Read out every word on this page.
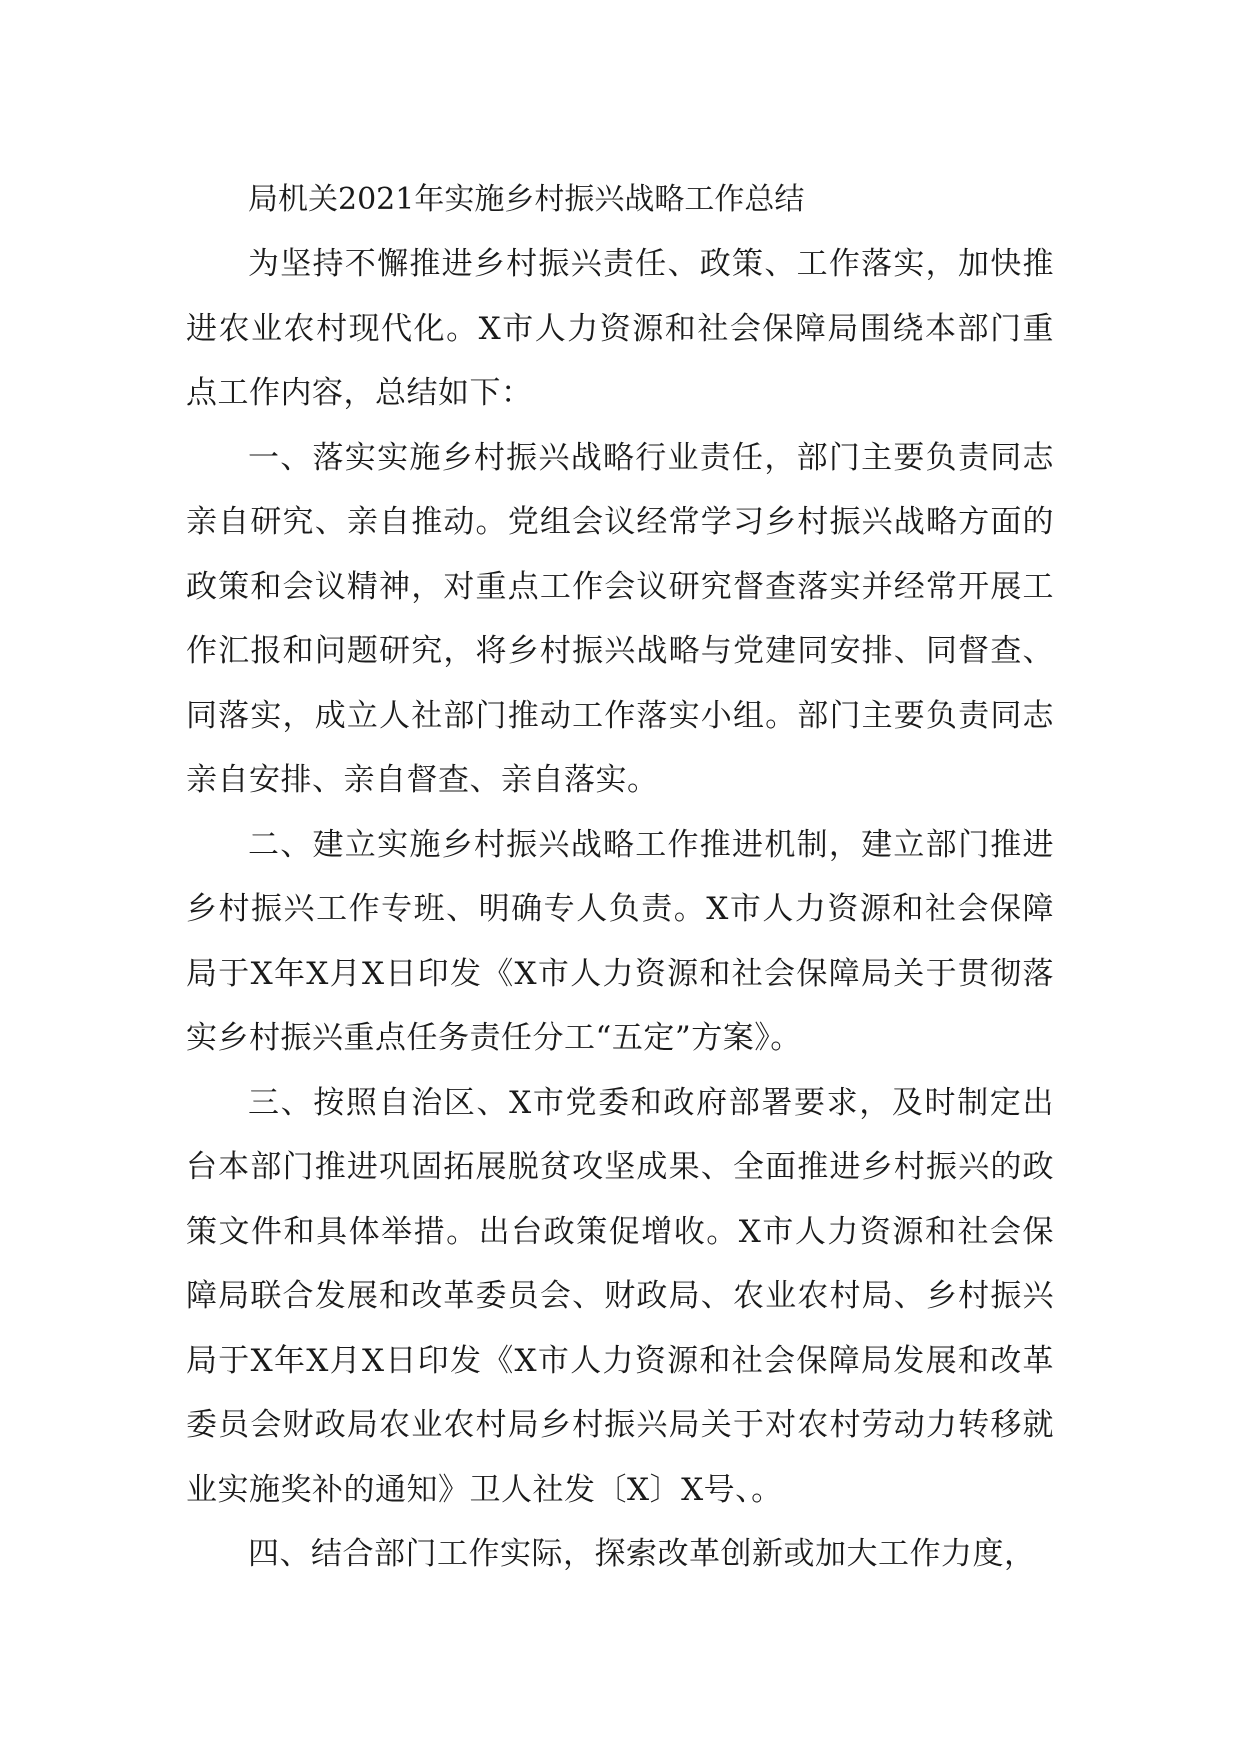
局机关2021年实施乡村振兴战略工作总结

为坚持不懈推进乡村振兴责任、政策、工作落实，加快推进农业农村现代化。X市人力资源和社会保障局围绕本部门重点工作内容，总结如下：

一、落实实施乡村振兴战略行业责任，部门主要负责同志亲自研究、亲自推动。党组会议经常学习乡村振兴战略方面的政策和会议精神，对重点工作会议研究督查落实并经常开展工作汇报和问题研究，将乡村振兴战略与党建同安排、同督查、同落实，成立人社部门推动工作落实小组。部门主要负责同志亲自安排、亲自督查、亲自落实。

二、建立实施乡村振兴战略工作推进机制，建立部门推进乡村振兴工作专班、明确专人负责。X市人力资源和社会保障局于X年X月X日印发《X市人力资源和社会保障局关于贯彻落实乡村振兴重点任务责任分工“五定”方案》。

三、按照自治区、X市党委和政府部署要求，及时制定出台本部门推进巩固拓展脱贫攻坚成果、全面推进乡村振兴的政策文件和具体举措。出台政策促增收。X市人力资源和社会保障局联合发展和改革委员会、财政局、农业农村局、乡村振兴局于X年X月X日印发《X市人力资源和社会保障局发展和改革委员会财政局农业农村局乡村振兴局关于对农村劳动力转移就业实施奖补的通知》卫人社发〔X〕X号、。

四、结合部门工作实际，探索改革创新或加大工作力度，
